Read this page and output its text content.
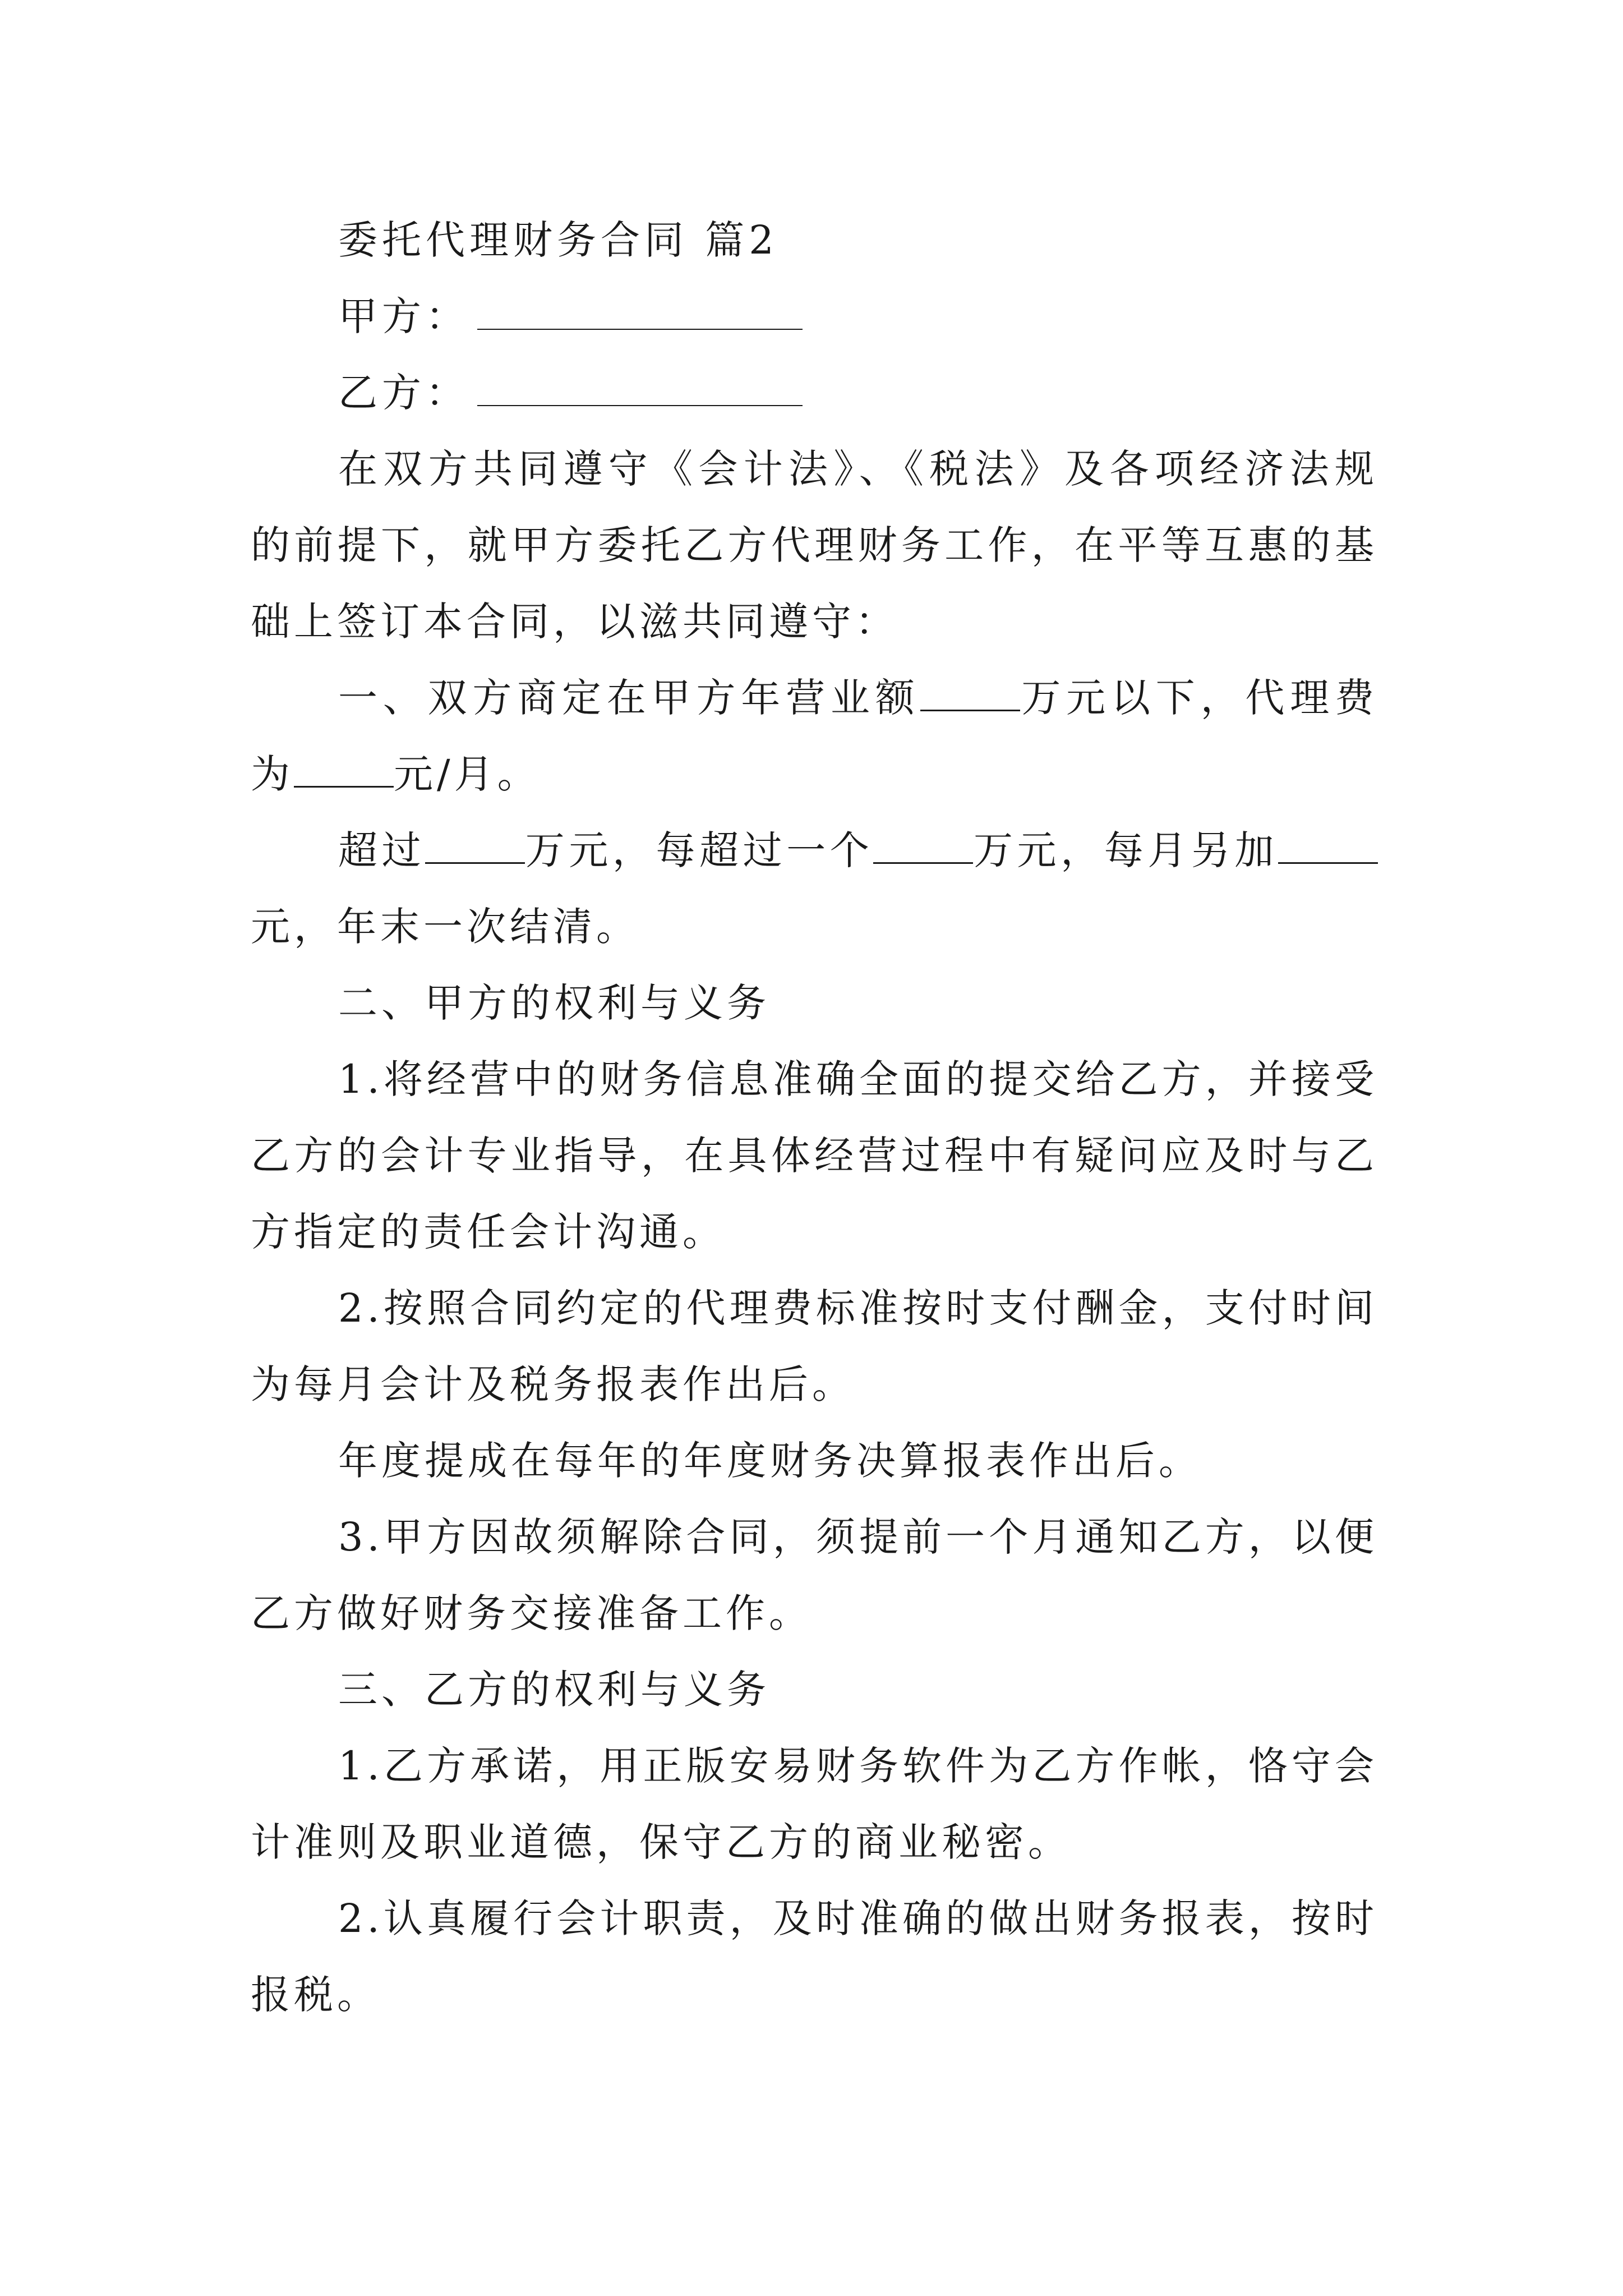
委托代理财务合同 篇2
甲方：
乙方：

在双方共同遵守《会计法》、《税法》及各项经济法规的前提下，就甲方委托乙方代理财务工作，在平等互惠的基础上签订本合同，以滋共同遵守：

一、双方商定在甲方年营业额	万元以下，代理费为	元/月。

超过	万元，每超过一个	万元，每月另加元，年末一次结清。

二、甲方的权利与义务

1.将经营中的财务信息准确全面的提交给乙方，并接受乙方的会计专业指导，在具体经营过程中有疑问应及时与乙方指定的责任会计沟通。

2.按照合同约定的代理费标准按时支付酬金，支付时间为每月会计及税务报表作出后。

年度提成在每年的年度财务决算报表作出后。

3.甲方因故须解除合同，须提前一个月通知乙方，以便乙方做好财务交接准备工作。

三、乙方的权利与义务

1.乙方承诺，用正版安易财务软件为乙方作帐，恪守会计准则及职业道德，保守乙方的商业秘密。

2.认真履行会计职责，及时准确的做出财务报表，按时报税。
